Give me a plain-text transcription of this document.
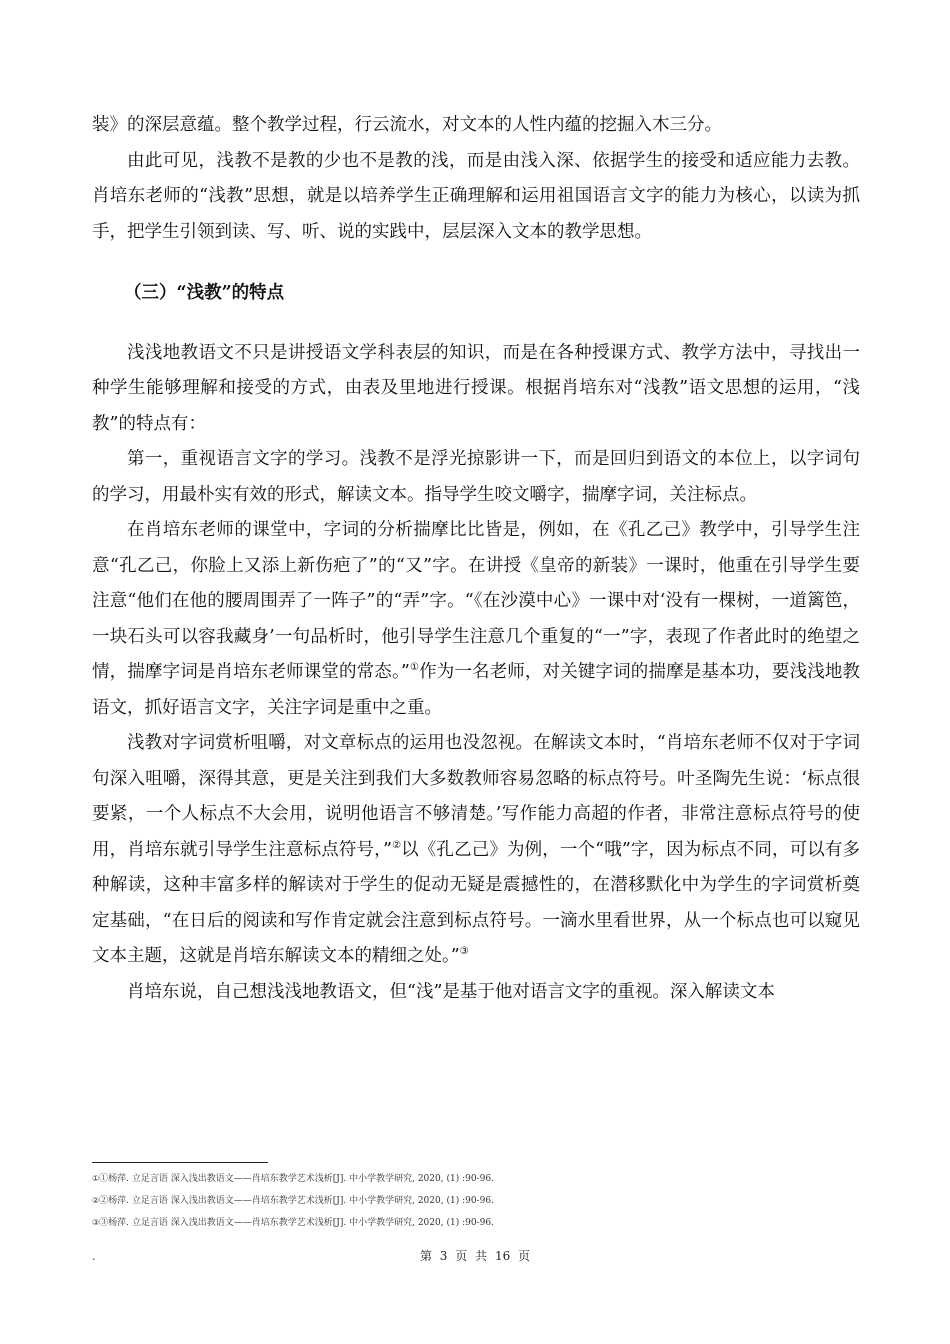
装》的深层意蕴。整个教学过程，行云流水，对文本的人性内蕴的挖掘入木三分。

由此可见，浅教不是教的少也不是教的浅，而是由浅入深、依据学生的接受和适应能力去教。肖培东老师的“浅教”思想，就是以培养学生正确理解和运用祖国语言文字的能力为核心，以读为抓手，把学生引领到读、写、听、说的实践中，层层深入文本的教学思想。

（三）“浅教”的特点

浅浅地教语文不只是讲授语文学科表层的知识，而是在各种授课方式、教学方法中，寻找出一种学生能够理解和接受的方式，由表及里地进行授课。根据肖培东对“浅教”语文思想的运用，“浅教”的特点有：

第一，重视语言文字的学习。浅教不是浮光掠影讲一下，而是回归到语文的本位上，以字词句的学习，用最朴实有效的形式，解读文本。指导学生咬文嚼字，揣摩字词，关注标点。

在肖培东老师的课堂中，字词的分析揣摩比比皆是，例如，在《孔乙己》教学中，引导学生注意“孔乙己，你脸上又添上新伤疤了”的“又”字。在讲授《皇帝的新装》一课时，他重在引导学生要注意“他们在他的腰周围弄了一阵子”的“弄”字。“《在沙漠中心》一课中对‘没有一棵树，一道篱笆，一块石头可以容我藏身’一句品析时，他引导学生注意几个重复的“一”字，表现了作者此时的绝望之情，揣摩字词是肖培东老师课堂的常态。”①作为一名老师，对关键字词的揣摩是基本功，要浅浅地教语文，抓好语言文字，关注字词是重中之重。

浅教对字词赏析咀嚼，对文章标点的运用也没忽视。在解读文本时，“肖培东老师不仅对于字词句深入咀嚼，深得其意，更是关注到我们大多数教师容易忽略的标点符号。叶圣陶先生说：‘标点很要紧，一个人标点不大会用，说明他语言不够清楚。’写作能力高超的作者，非常注意标点符号的使用，肖培东就引导学生注意标点符号，”②以《孔乙己》为例，一个“哦”字，因为标点不同，可以有多种解读，这种丰富多样的解读对于学生的促动无疑是震撼性的，在潜移默化中为学生的字词赏析奠定基础，“在日后的阅读和写作肯定就会注意到标点符号。一滴水里看世界，从一个标点也可以窥见文本主题，这就是肖培东解读文本的精细之处。”③

肖培东说，自己想浅浅地教语文，但“浅”是基于他对语言文字的重视。深入解读文本

①①杨萍. 立足言语 深入浅出教语文——肖培东教学艺术浅析[J]. 中小学教学研究, 2020, (1) :90-96.

②②杨萍. 立足言语 深入浅出教语文——肖培东教学艺术浅析[J]. 中小学教学研究, 2020, (1) :90-96.

③③杨萍. 立足言语 深入浅出教语文——肖培东教学艺术浅析[J]. 中小学教学研究, 2020, (1) :90-96.

.	第 3 页 共 16 页
